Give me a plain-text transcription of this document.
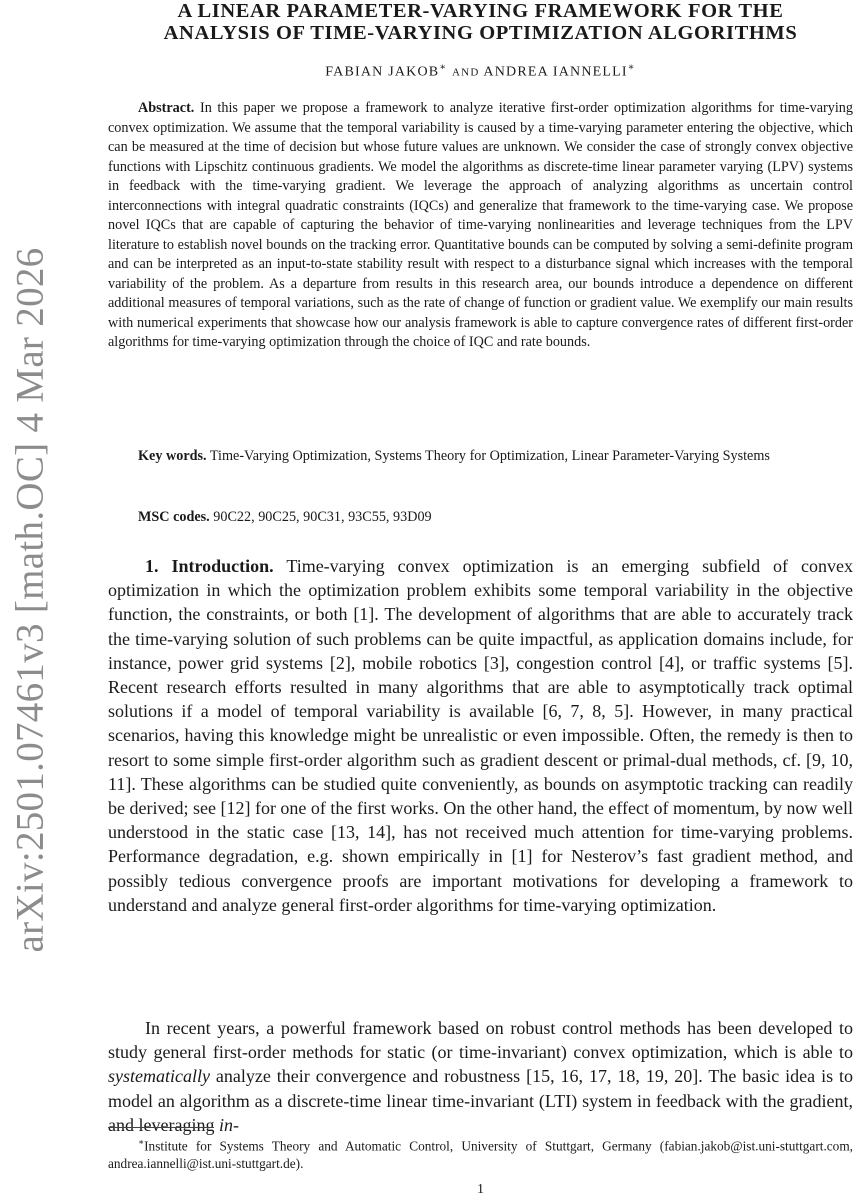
arXiv:2501.07461v3 [math.OC] 4 Mar 2026
A LINEAR PARAMETER-VARYING FRAMEWORK FOR THE
ANALYSIS OF TIME-VARYING OPTIMIZATION ALGORITHMS
FABIAN JAKOB∗ AND ANDREA IANNELLI∗

Abstract. In this paper we propose a framework to analyze iterative first-order optimization algorithms for time-varying convex optimization. We assume that the temporal variability is caused by a time-varying parameter entering the objective, which can be measured at the time of decision but whose future values are unknown. We consider the case of strongly convex objective functions with Lipschitz continuous gradients. We model the algorithms as discrete-time linear parameter varying (LPV) systems in feedback with the time-varying gradient. We leverage the approach of analyzing algorithms as uncertain control interconnections with integral quadratic constraints (IQCs) and generalize that framework to the time-varying case. We propose novel IQCs that are capable of capturing the behavior of time-varying nonlinearities and leverage techniques from the LPV literature to establish novel bounds on the tracking error. Quantitative bounds can be computed by solving a semi-definite program and can be interpreted as an input-to-state stability result with respect to a disturbance signal which increases with the temporal variability of the problem. As a departure from results in this research area, our bounds introduce a dependence on different additional measures of temporal variations, such as the rate of change of function or gradient value. We exemplify our main results with numerical experiments that showcase how our analysis framework is able to capture convergence rates of different first-order algorithms for time-varying optimization through the choice of IQC and rate bounds.

Key words. Time-Varying Optimization, Systems Theory for Optimization, Linear Parameter-Varying Systems

MSC codes. 90C22, 90C25, 90C31, 93C55, 93D09

1. Introduction. Time-varying convex optimization is an emerging subfield of convex optimization in which the optimization problem exhibits some temporal variability in the objective function, the constraints, or both [1]. The development of algorithms that are able to accurately track the time-varying solution of such problems can be quite impactful, as application domains include, for instance, power grid systems [2], mobile robotics [3], congestion control [4], or traffic systems [5]. Recent research efforts resulted in many algorithms that are able to asymptotically track optimal solutions if a model of temporal variability is available [6, 7, 8, 5]. However, in many practical scenarios, having this knowledge might be unrealistic or even impossible. Often, the remedy is then to resort to some simple first-order algorithm such as gradient descent or primal-dual methods, cf. [9, 10, 11]. These algorithms can be studied quite conveniently, as bounds on asymptotic tracking can readily be derived; see [12] for one of the first works. On the other hand, the effect of momentum, by now well understood in the static case [13, 14], has not received much attention for time-varying problems. Performance degradation, e.g. shown empirically in [1] for Nesterov’s fast gradient method, and possibly tedious convergence proofs are important motivations for developing a framework to understand and analyze general first-order algorithms for time-varying optimization.

In recent years, a powerful framework based on robust control methods has been developed to study general first-order methods for static (or time-invariant) convex optimization, which is able to systematically analyze their convergence and robustness [15, 16, 17, 18, 19, 20]. The basic idea is to model an algorithm as a discrete-time linear time-invariant (LTI) system in feedback with the gradient, and leveraging in-

∗Institute for Systems Theory and Automatic Control, University of Stuttgart, Germany (fabian.jakob@ist.uni-stuttgart.com, andrea.iannelli@ist.uni-stuttgart.de).

1
